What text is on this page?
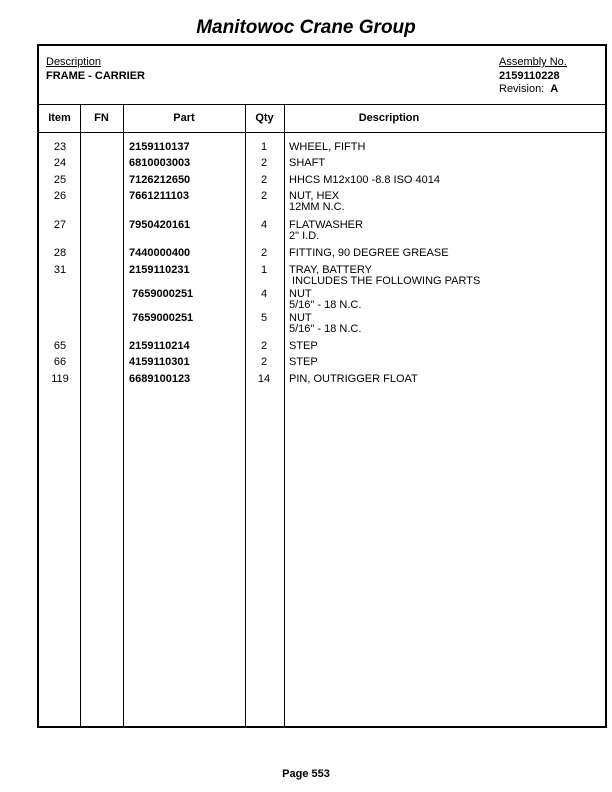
Manitowoc Crane Group
Description
FRAME - CARRIER
Assembly No.
2159110228
Revision: A
Item	FN	Part	Qty	Description
23	2159110137	1	WHEEL, FIFTH
24	6810003003	2	SHAFT
25	7126212650	2	HHCS M12x100 -8.8 ISO 4014
26	7661211103	2	NUT, HEX
12MM N.C.
27	7950420161	4	FLATWASHER
2" I.D.
28	7440000400	2	FITTING, 90 DEGREE GREASE
31	2159110231	1	TRAY, BATTERY
INCLUDES THE FOLLOWING PARTS
7659000251	4	NUT
5/16" - 18 N.C.
7659000251	5	NUT
5/16" - 18 N.C.
65	2159110214	2	STEP
66	4159110301	2	STEP
119	6689100123	14	PIN, OUTRIGGER FLOAT
Page 553
